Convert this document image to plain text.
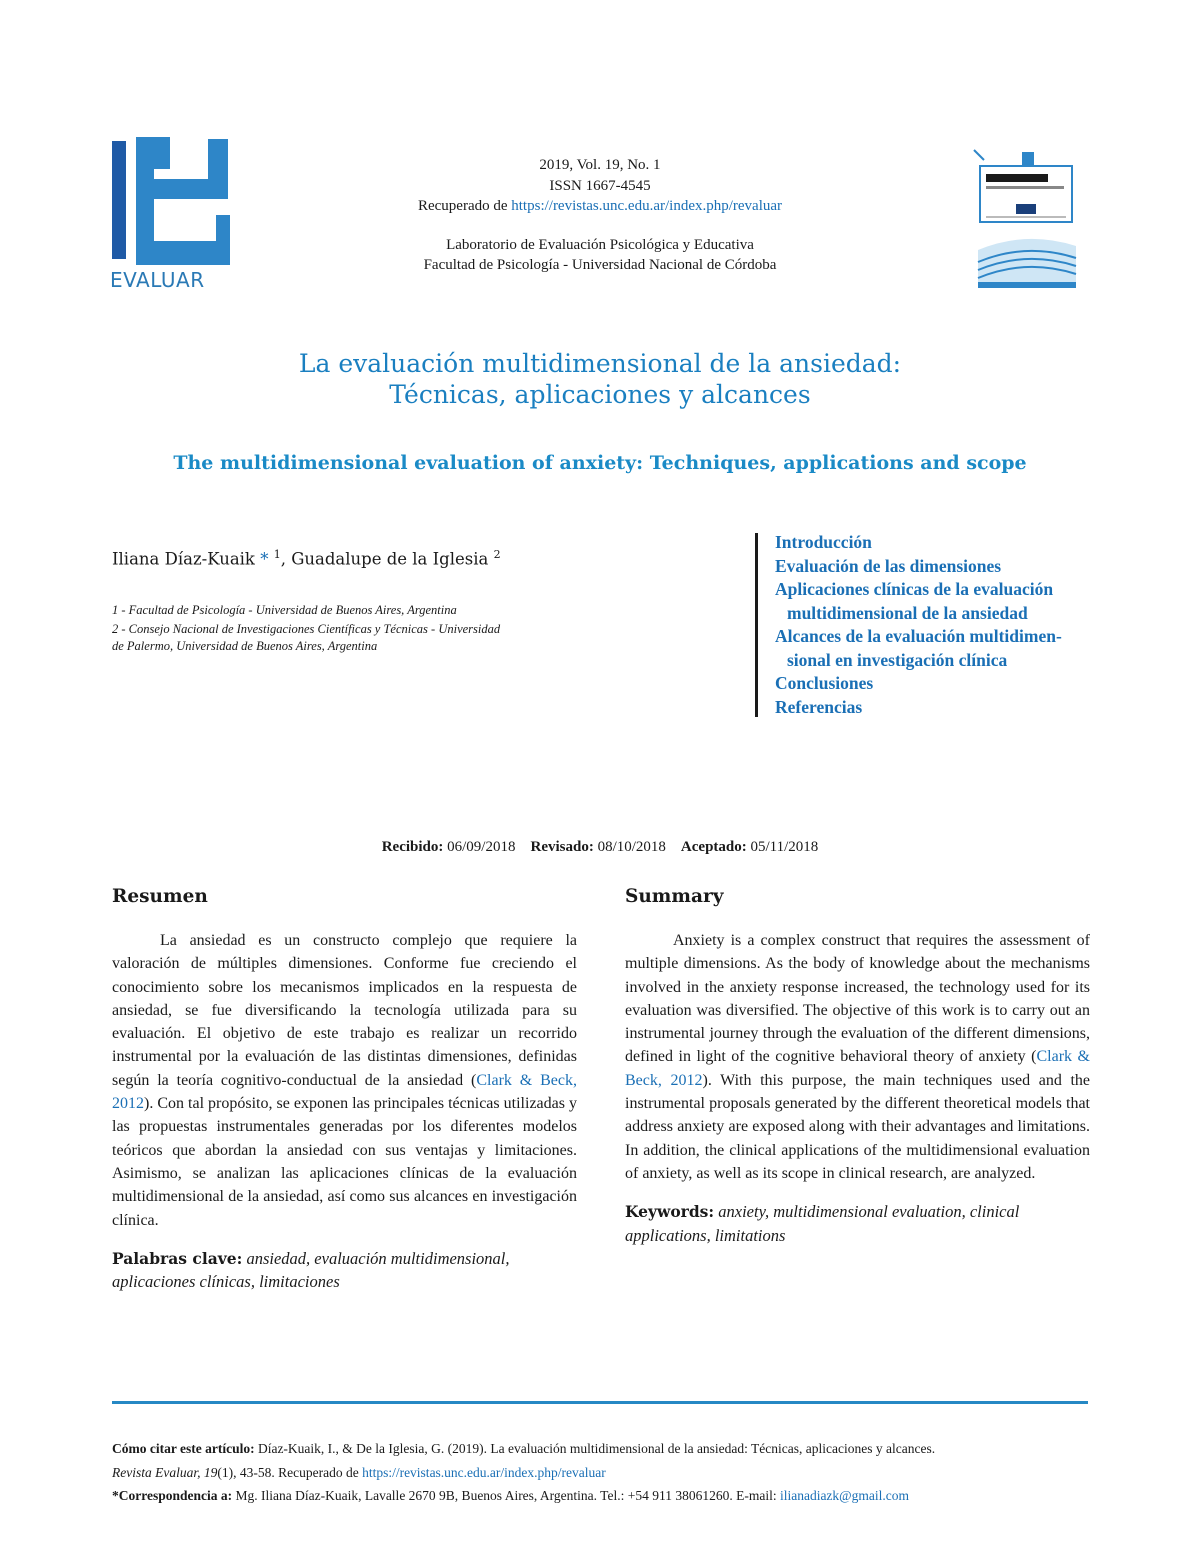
EVALUAR
2019, Vol. 19, No. 1
ISSN 1667-4545
Recuperado de https://revistas.unc.edu.ar/index.php/revaluar
Laboratorio de Evaluación Psicológica y Educativa
Facultad de Psicología - Universidad Nacional de Córdoba
La evaluación multidimensional de la ansiedad:
Técnicas, aplicaciones y alcances
The multidimensional evaluation of anxiety: Techniques, applications and scope
Iliana Díaz-Kuaik * $^1$, Guadalupe de la Iglesia $^2$

1 - Facultad de Psicología - Universidad de Buenos Aires, Argentina

2 - Consejo Nacional de Investigaciones Científicas y Técnicas - Universidad
de Palermo, Universidad de Buenos Aires, Argentina

Introducción
Evaluación de las dimensiones
Aplicaciones clínicas de la evaluación
multidimensional de la ansiedad
Alcances de la evaluación multidimen-
sional en investigación clínica
Conclusiones
Referencias
Recibido: 06/09/2018 Revisado: 08/10/2018 Aceptado: 05/11/2018
Resumen

La ansiedad es un constructo complejo que requiere la valoración de múltiples dimensiones. Conforme fue creciendo el conocimiento sobre los mecanismos implicados en la respuesta de ansiedad, se fue diversificando la tecnología utilizada para su evaluación. El objetivo de este trabajo es realizar un recorrido instrumental por la evaluación de las distintas dimensiones, definidas según la teoría cognitivo-conductual de la ansiedad (Clark & Beck, 2012). Con tal propósito, se exponen las principales técnicas utilizadas y las propuestas instrumentales generadas por los diferentes modelos teóricos que abordan la ansiedad con sus ventajas y limitaciones. Asimismo, se analizan las aplicaciones clínicas de la evaluación multidimensional de la ansiedad, así como sus alcances en investigación clínica.

Palabras clave: ansiedad, evaluación multidimensional, aplicaciones clínicas, limitaciones
Summary

Anxiety is a complex construct that requires the assessment of multiple dimensions. As the body of knowledge about the mechanisms involved in the anxiety response increased, the technology used for its evaluation was diversified. The objective of this work is to carry out an instrumental journey through the evaluation of the different dimensions, defined in light of the cognitive behavioral theory of anxiety (Clark & Beck, 2012). With this purpose, the main techniques used and the instrumental proposals generated by the different theoretical models that address anxiety are exposed along with their advantages and limitations. In addition, the clinical applications of the multidimensional evaluation of anxiety, as well as its scope in clinical research, are analyzed.

Keywords: anxiety, multidimensional evaluation, clinical applications, limitations

Cómo citar este artículo: Díaz-Kuaik, I., & De la Iglesia, G. (2019). La evaluación multidimensional de la ansiedad: Técnicas, aplicaciones y alcances.

Revista Evaluar, 19(1), 43-58. Recuperado de https://revistas.unc.edu.ar/index.php/revaluar

*Correspondencia a: Mg. Iliana Díaz-Kuaik, Lavalle 2670 9B, Buenos Aires, Argentina. Tel.: +54 911 38061260. E-mail: ilianadiazk@gmail.com
